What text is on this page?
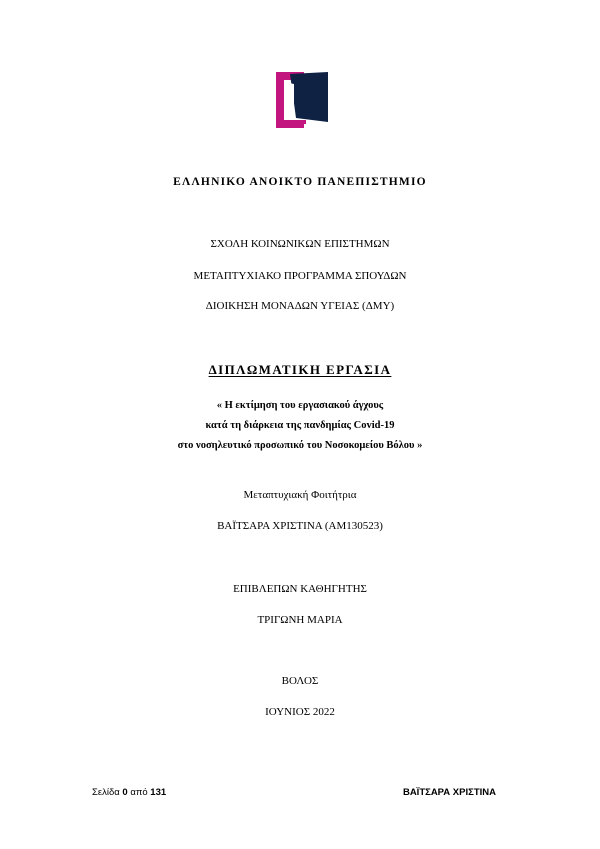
ΕΛΛΗΝΙΚΟ ΑΝΟΙΚΤΟ ΠΑΝΕΠΙΣΤΗΜΙΟ
ΣΧΟΛΗ ΚΟΙΝΩΝΙΚΩΝ ΕΠΙΣΤΗΜΩΝ
ΜΕΤΑΠΤΥΧΙΑΚΟ ΠΡΟΓΡΑΜΜΑ ΣΠΟΥΔΩΝ
ΔΙΟΙΚΗΣΗ ΜΟΝΑΔΩΝ ΥΓΕΙΑΣ (ΔΜΥ)
ΔΙΠΛΩΜΑΤΙΚΗ ΕΡΓΑΣΙΑ
« Η εκτίμηση του εργασιακού άγχους
κατά τη διάρκεια της πανδημίας Covid-19
στο νοσηλευτικό προσωπικό του Νοσοκομείου Βόλου »
Μεταπτυχιακή Φοιτήτρια
ΒΑΪΤΣΑΡΑ ΧΡΙΣΤΙΝΑ (ΑΜ130523)
ΕΠΙΒΛΕΠΩΝ ΚΑΘΗΓΗΤΗΣ
ΤΡΙΓΩΝΗ ΜΑΡΙΑ
ΒΟΛΟΣ
ΙΟΥΝΙΟΣ 2022
Σελίδα 0 από 131	ΒΑΪΤΣΑΡΑ ΧΡΙΣΤΙΝΑ
